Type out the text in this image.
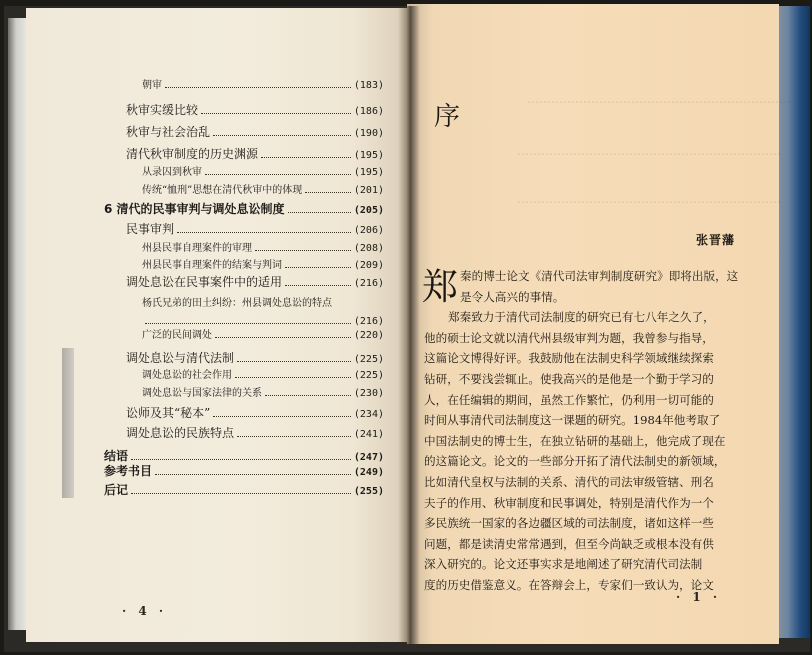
朝审	(183)
秋审实缓比较	(186)
秋审与社会治乱	(190)
清代秋审制度的历史渊源	(195)
从录囚到秋审	(195)
传统“恤刑”思想在清代秋审中的体现	(201)
6 清代的民事审判与调处息讼制度	(205)
民事审判	(206)
州县民事自理案件的审理	(208)
州县民事自理案件的结案与判词	(209)
调处息讼在民事案件中的适用	(216)
杨氏兄弟的田土纠纷：州县调处息讼的特点
(216)
广泛的民间调处	(220)
调处息讼与清代法制	(225)
调处息讼的社会作用	(225)
调处息讼与国家法律的关系	(230)
讼师及其“秘本”	(234)
调处息讼的民族特点	(241)
结语	(247)
参考书目	(249)
后记	(255)
· 4 ·
…………………………………………………………
…………………………………………………………
…………………………………………………………
序
张晋藩
郑 秦的博士论文《清代司法审判制度研究》即将出版，这
是令人高兴的事情。
郑秦致力于清代司法制度的研究已有七八年之久了，
他的硕士论文就以清代州县级审判为题，我曾参与指导，
这篇论文博得好评。我鼓励他在法制史科学领域继续探索
钻研，不要浅尝辄止。使我高兴的是他是一个勤于学习的
人，在任编辑的期间，虽然工作繁忙，仍利用一切可能的
时间从事清代司法制度这一课题的研究。1984年他考取了
中国法制史的博士生，在独立钻研的基础上，他完成了现在
的这篇论文。论文的一些部分开拓了清代法制史的新领域，
比如清代皇权与法制的关系、清代的司法审级管辖、刑名
夫子的作用、秋审制度和民事调处，特别是清代作为一个
多民族统一国家的各边疆区域的司法制度，诸如这样一些
问题，都是读清史常常遇到，但至今尚缺乏或根本没有供
深入研究的。论文还事实求是地阐述了研究清代司法制
度的历史借鉴意义。在答辩会上，专家们一致认为，论文
· 1 ·
